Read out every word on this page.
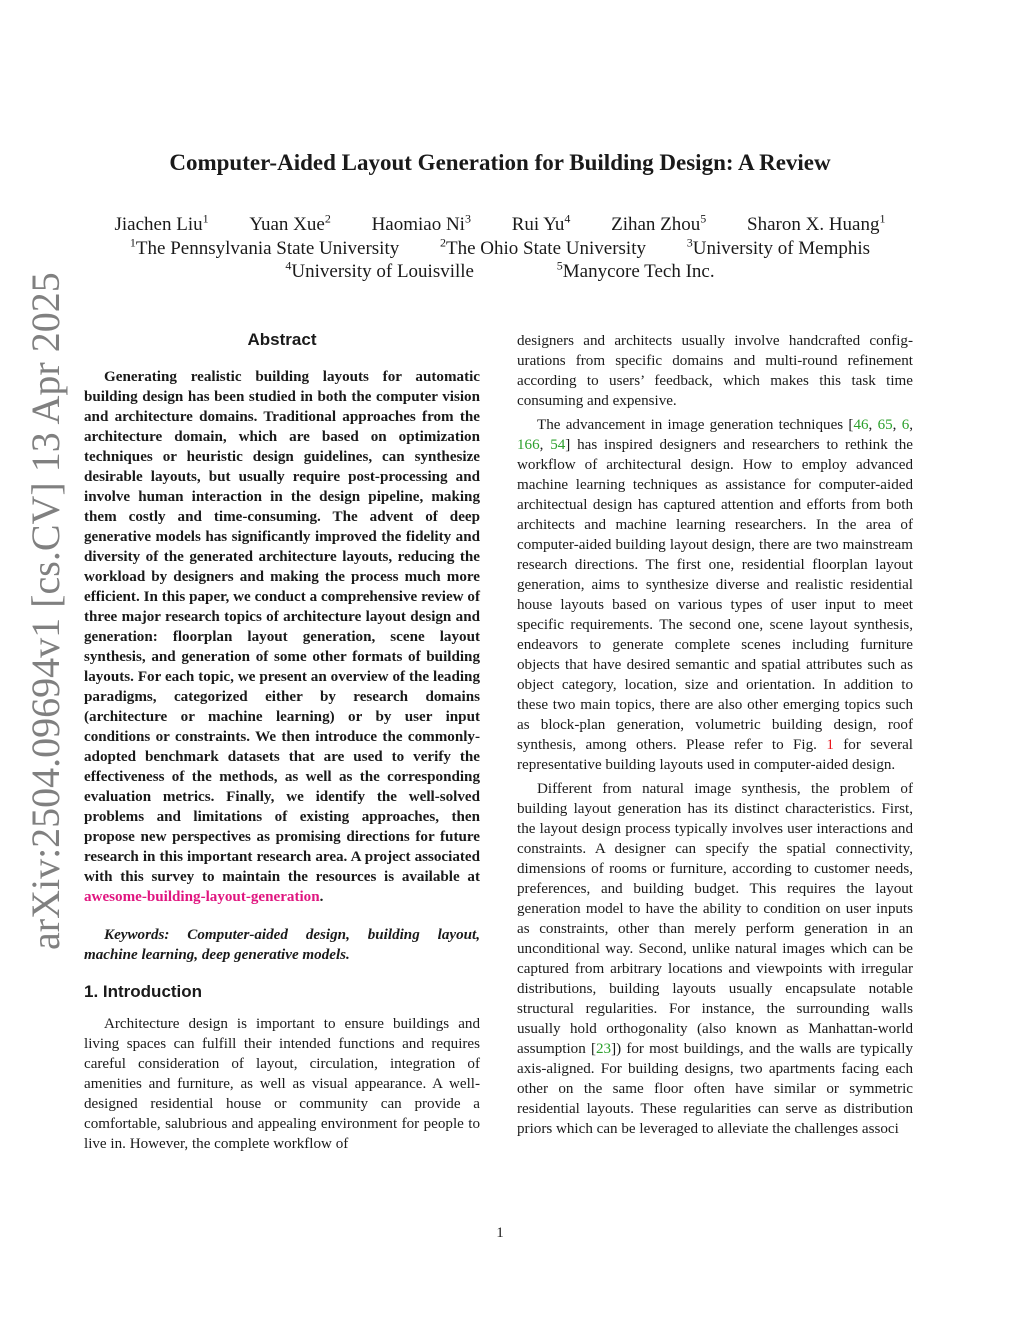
arXiv:2504.09694v1 [cs.CV] 13 Apr 2025
Computer-Aided Layout Generation for Building Design: A Review
Jiachen Liu$^1$ Yuan Xue$^2$ Haomiao Ni$^3$ Rui Yu$^4$ Zihan Zhou$^5$ Sharon X. Huang$^1$
$^1$The Pennsylvania State University	$^2$The Ohio State University	$^3$University of Memphis
$^4$University of Louisville	$^5$Manycore Tech Inc.
Abstract

Generating realistic building layouts for automatic building design has been studied in both the computer vision and architecture domains. Traditional approaches from the architecture domain, which are based on optimization techniques or heuristic design guidelines, can synthesize desirable layouts, but usually require post-processing and involve human interaction in the design pipeline, making them costly and time-consuming. The advent of deep generative models has significantly improved the fidelity and diversity of the generated architecture layouts, reducing the workload by designers and making the process much more efficient. In this paper, we conduct a comprehensive review of three major research topics of architecture layout design and generation: floorplan layout generation, scene layout synthesis, and generation of some other formats of building layouts. For each topic, we present an overview of the leading paradigms, categorized either by research domains (architecture or machine learning) or by user input conditions or constraints. We then introduce the commonly-adopted benchmark datasets that are used to verify the effectiveness of the methods, as well as the corresponding evaluation metrics. Finally, we identify the well-solved problems and limitations of existing approaches, then propose new perspectives as promising directions for future research in this important research area. A project associated with this survey to maintain the resources is available at awesome-building-layout-generation.

Keywords: Computer-aided design, building layout, machine learning, deep generative models.

1. Introduction

Architecture design is important to ensure buildings and living spaces can fulfill their intended functions and requires careful consideration of layout, circulation, integration of amenities and furniture, as well as visual appearance. A well-designed residential house or community can provide a comfortable, salubrious and appealing environment for people to live in. However, the complete workflow of

designers and architects usually involve handcrafted configurations from specific domains and multi-round refinement according to users’ feedback, which makes this task time consuming and expensive.

The advancement in image generation techniques [46, 65, 6, 166, 54] has inspired designers and researchers to rethink the workflow of architectural design. How to employ advanced machine learning techniques as assistance for computer-aided architectual design has captured attention and efforts from both architects and machine learning researchers. In the area of computer-aided building layout design, there are two mainstream research directions. The first one, residential floorplan layout generation, aims to synthesize diverse and realistic residential house layouts based on various types of user input to meet specific requirements. The second one, scene layout synthesis, endeavors to generate complete scenes including furniture objects that have desired semantic and spatial attributes such as object category, location, size and orientation. In addition to these two main topics, there are also other emerging topics such as block-plan generation, volumetric building design, roof synthesis, among others. Please refer to Fig. 1 for several representative building layouts used in computer-aided design.

Different from natural image synthesis, the problem of building layout generation has its distinct characteristics. First, the layout design process typically involves user interactions and constraints. A designer can specify the spatial connectivity, dimensions of rooms or furniture, according to customer needs, preferences, and building budget. This requires the layout generation model to have the ability to condition on user inputs as constraints, other than merely perform generation in an unconditional way. Second, unlike natural images which can be captured from arbitrary locations and viewpoints with irregular distributions, building layouts usually encapsulate notable structural regularities. For instance, the surrounding walls usually hold orthogonality (also known as Manhattan-world assumption [23]) for most buildings, and the walls are typically axis-aligned. For building designs, two apartments facing each other on the same floor often have similar or symmetric residential layouts. These regularities can serve as distribution priors which can be leveraged to alleviate the challenges associ

1
